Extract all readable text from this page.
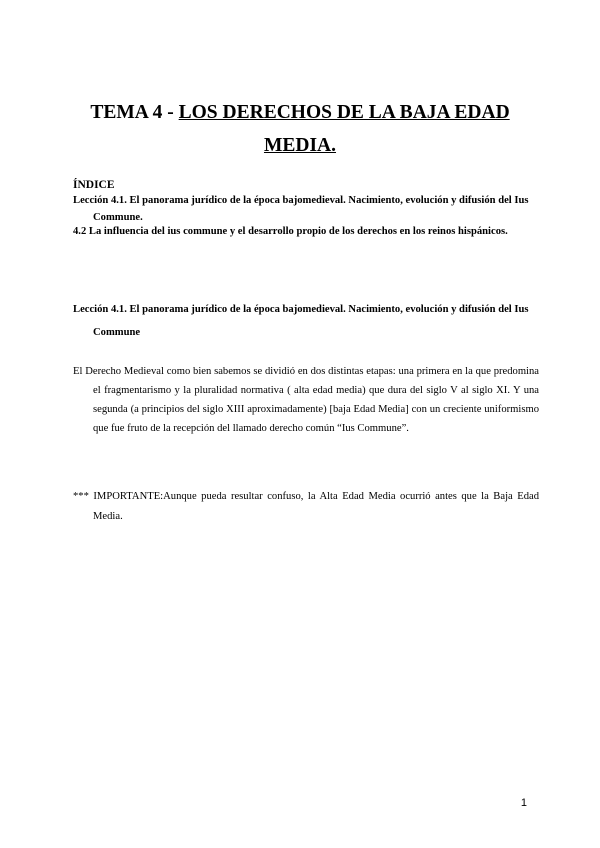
TEMA 4 - LOS DERECHOS DE LA BAJA EDAD
MEDIA.
ÍNDICE
Lección 4.1. El panorama jurídico de la época bajomedieval. Nacimiento, evolución y difusión del Ius Commune.
4.2 La influencia del ius commune y el desarrollo propio de los derechos en los reinos hispánicos.
Lección 4.1. El panorama jurídico de la época bajomedieval. Nacimiento, evolución y difusión del Ius Commune

El Derecho Medieval como bien sabemos se dividió en dos distintas etapas: una primera en la que predomina el fragmentarismo y la pluralidad normativa ( alta edad media) que dura del siglo V al siglo XI. Y una segunda (a principios del siglo XIII aproximadamente) [baja Edad Media] con un creciente uniformismo que fue fruto de la recepción del llamado derecho común “Ius Commune”.

*** IMPORTANTE:Aunque pueda resultar confuso, la Alta Edad Media ocurrió antes que la Baja Edad Media.

1
